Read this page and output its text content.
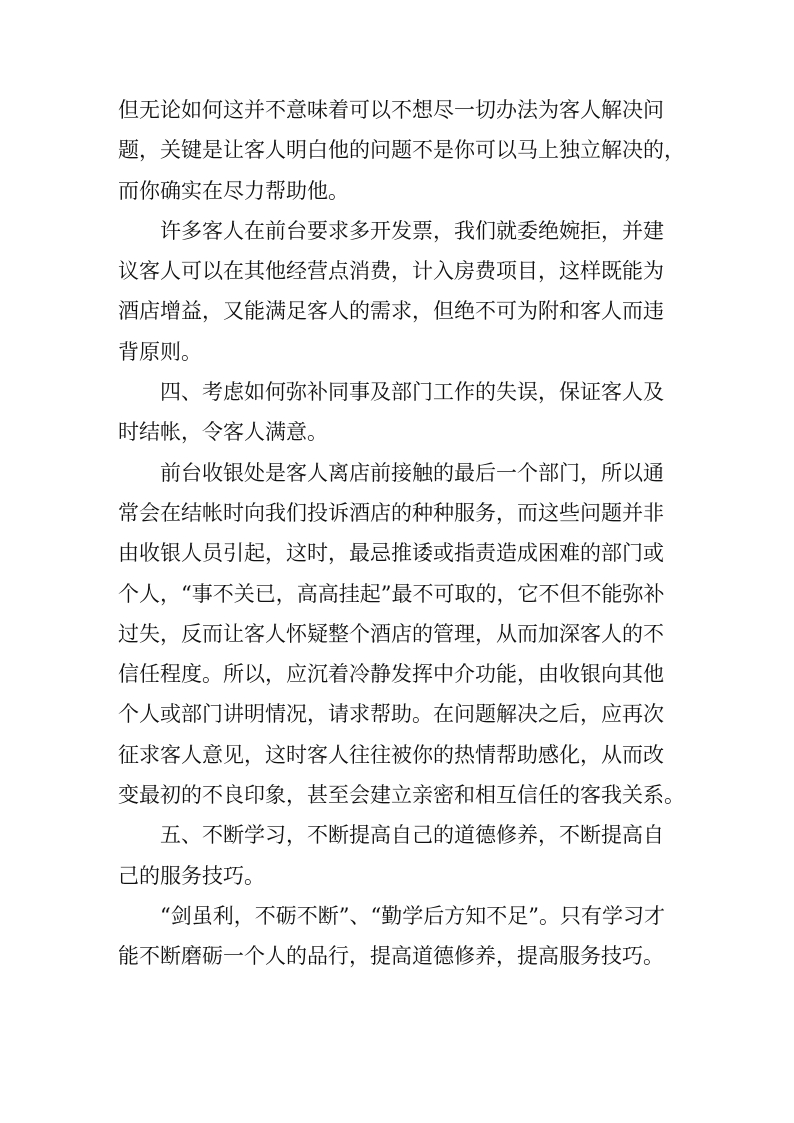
但无论如何这并不意味着可以不想尽一切办法为客人解决问
题，关键是让客人明白他的问题不是你可以马上独立解决的，
而你确实在尽力帮助他。
许多客人在前台要求多开发票，我们就委绝婉拒，并建
议客人可以在其他经营点消费，计入房费项目，这样既能为
酒店增益，又能满足客人的需求，但绝不可为附和客人而违
背原则。
四、考虑如何弥补同事及部门工作的失误，保证客人及
时结帐，令客人满意。
前台收银处是客人离店前接触的最后一个部门，所以通
常会在结帐时向我们投诉酒店的种种服务，而这些问题并非
由收银人员引起，这时，最忌推诿或指责造成困难的部门或
个人，“事不关已，高高挂起”最不可取的，它不但不能弥补
过失，反而让客人怀疑整个酒店的管理，从而加深客人的不
信任程度。所以，应沉着冷静发挥中介功能，由收银向其他
个人或部门讲明情况，请求帮助。在问题解决之后，应再次
征求客人意见，这时客人往往被你的热情帮助感化，从而改
变最初的不良印象，甚至会建立亲密和相互信任的客我关系。
五、不断学习，不断提高自己的道德修养，不断提高自
己的服务技巧。
“剑虽利，不砺不断”、“勤学后方知不足”。只有学习才
能不断磨砺一个人的品行，提高道德修养，提高服务技巧。
